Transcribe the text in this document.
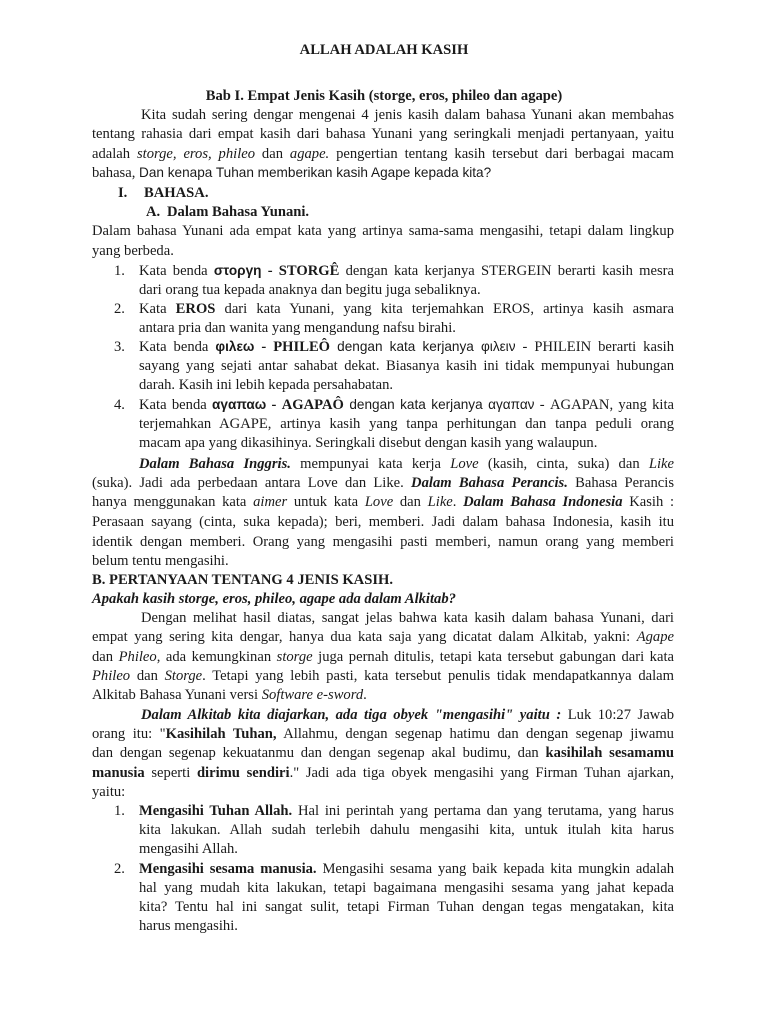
ALLAH ADALAH KASIH
Bab I. Empat Jenis Kasih (storge, eros, phileo dan agape)
Kita sudah sering dengar mengenai 4 jenis kasih dalam bahasa Yunani akan membahas
tentang rahasia dari empat kasih dari bahasa Yunani yang seringkali menjadi pertanyaan, yaitu
adalah storge, eros, phileo dan agape. pengertian tentang kasih tersebut dari berbagai macam
bahasa, Dan kenapa Tuhan memberikan kasih Agape kepada kita?
I. BAHASA.
A. Dalam Bahasa Yunani.
Dalam bahasa Yunani ada empat kata yang artinya sama-sama mengasihi, tetapi dalam lingkup
yang berbeda.
1. Kata benda στοργη - STORGÊ dengan kata kerjanya STERGEIN berarti kasih mesra
dari orang tua kepada anaknya dan begitu juga sebaliknya.
2. Kata EROS dari kata Yunani, yang kita terjemahkan EROS, artinya kasih asmara
antara pria dan wanita yang mengandung nafsu birahi.
3. Kata benda φιλεω - PHILEÔ dengan kata kerjanya φιλειν - PHILEIN berarti kasih
sayang yang sejati antar sahabat dekat. Biasanya kasih ini tidak mempunyai hubungan
darah. Kasih ini lebih kepada persahabatan.
4. Kata benda αγαπαω - AGAPAÔ dengan kata kerjanya αγαπαν - AGAPAN, yang kita
terjemahkan AGAPE, artinya kasih yang tanpa perhitungan dan tanpa peduli orang
macam apa yang dikasihinya. Seringkali disebut dengan kasih yang walaupun.
Dalam Bahasa Inggris. mempunyai kata kerja Love (kasih, cinta, suka) dan Like
(suka). Jadi ada perbedaan antara Love dan Like. Dalam Bahasa Perancis. Bahasa Perancis
hanya menggunakan kata aimer untuk kata Love dan Like. Dalam Bahasa Indonesia Kasih :
Perasaan sayang (cinta, suka kepada); beri, memberi. Jadi dalam bahasa Indonesia, kasih itu
identik dengan memberi. Orang yang mengasihi pasti memberi, namun orang yang memberi
belum tentu mengasihi.
B. PERTANYAAN TENTANG 4 JENIS KASIH.
Apakah kasih storge, eros, phileo, agape ada dalam Alkitab?
Dengan melihat hasil diatas, sangat jelas bahwa kata kasih dalam bahasa Yunani, dari
empat yang sering kita dengar, hanya dua kata saja yang dicatat dalam Alkitab, yakni: Agape
dan Phileo, ada kemungkinan storge juga pernah ditulis, tetapi kata tersebut gabungan dari kata
Phileo dan Storge. Tetapi yang lebih pasti, kata tersebut penulis tidak mendapatkannya dalam
Alkitab Bahasa Yunani versi Software e-sword.
Dalam Alkitab kita diajarkan, ada tiga obyek "mengasihi" yaitu : Luk 10:27 Jawab
orang itu: "Kasihilah Tuhan, Allahmu, dengan segenap hatimu dan dengan segenap jiwamu
dan dengan segenap kekuatanmu dan dengan segenap akal budimu, dan kasihilah sesamamu
manusia seperti dirimu sendiri." Jadi ada tiga obyek mengasihi yang Firman Tuhan ajarkan,
yaitu:
1. Mengasihi Tuhan Allah. Hal ini perintah yang pertama dan yang terutama, yang harus
kita lakukan. Allah sudah terlebih dahulu mengasihi kita, untuk itulah kita harus
mengasihi Allah.
2. Mengasihi sesama manusia. Mengasihi sesama yang baik kepada kita mungkin adalah
hal yang mudah kita lakukan, tetapi bagaimana mengasihi sesama yang jahat kepada
kita? Tentu hal ini sangat sulit, tetapi Firman Tuhan dengan tegas mengatakan, kita
harus mengasihi.
